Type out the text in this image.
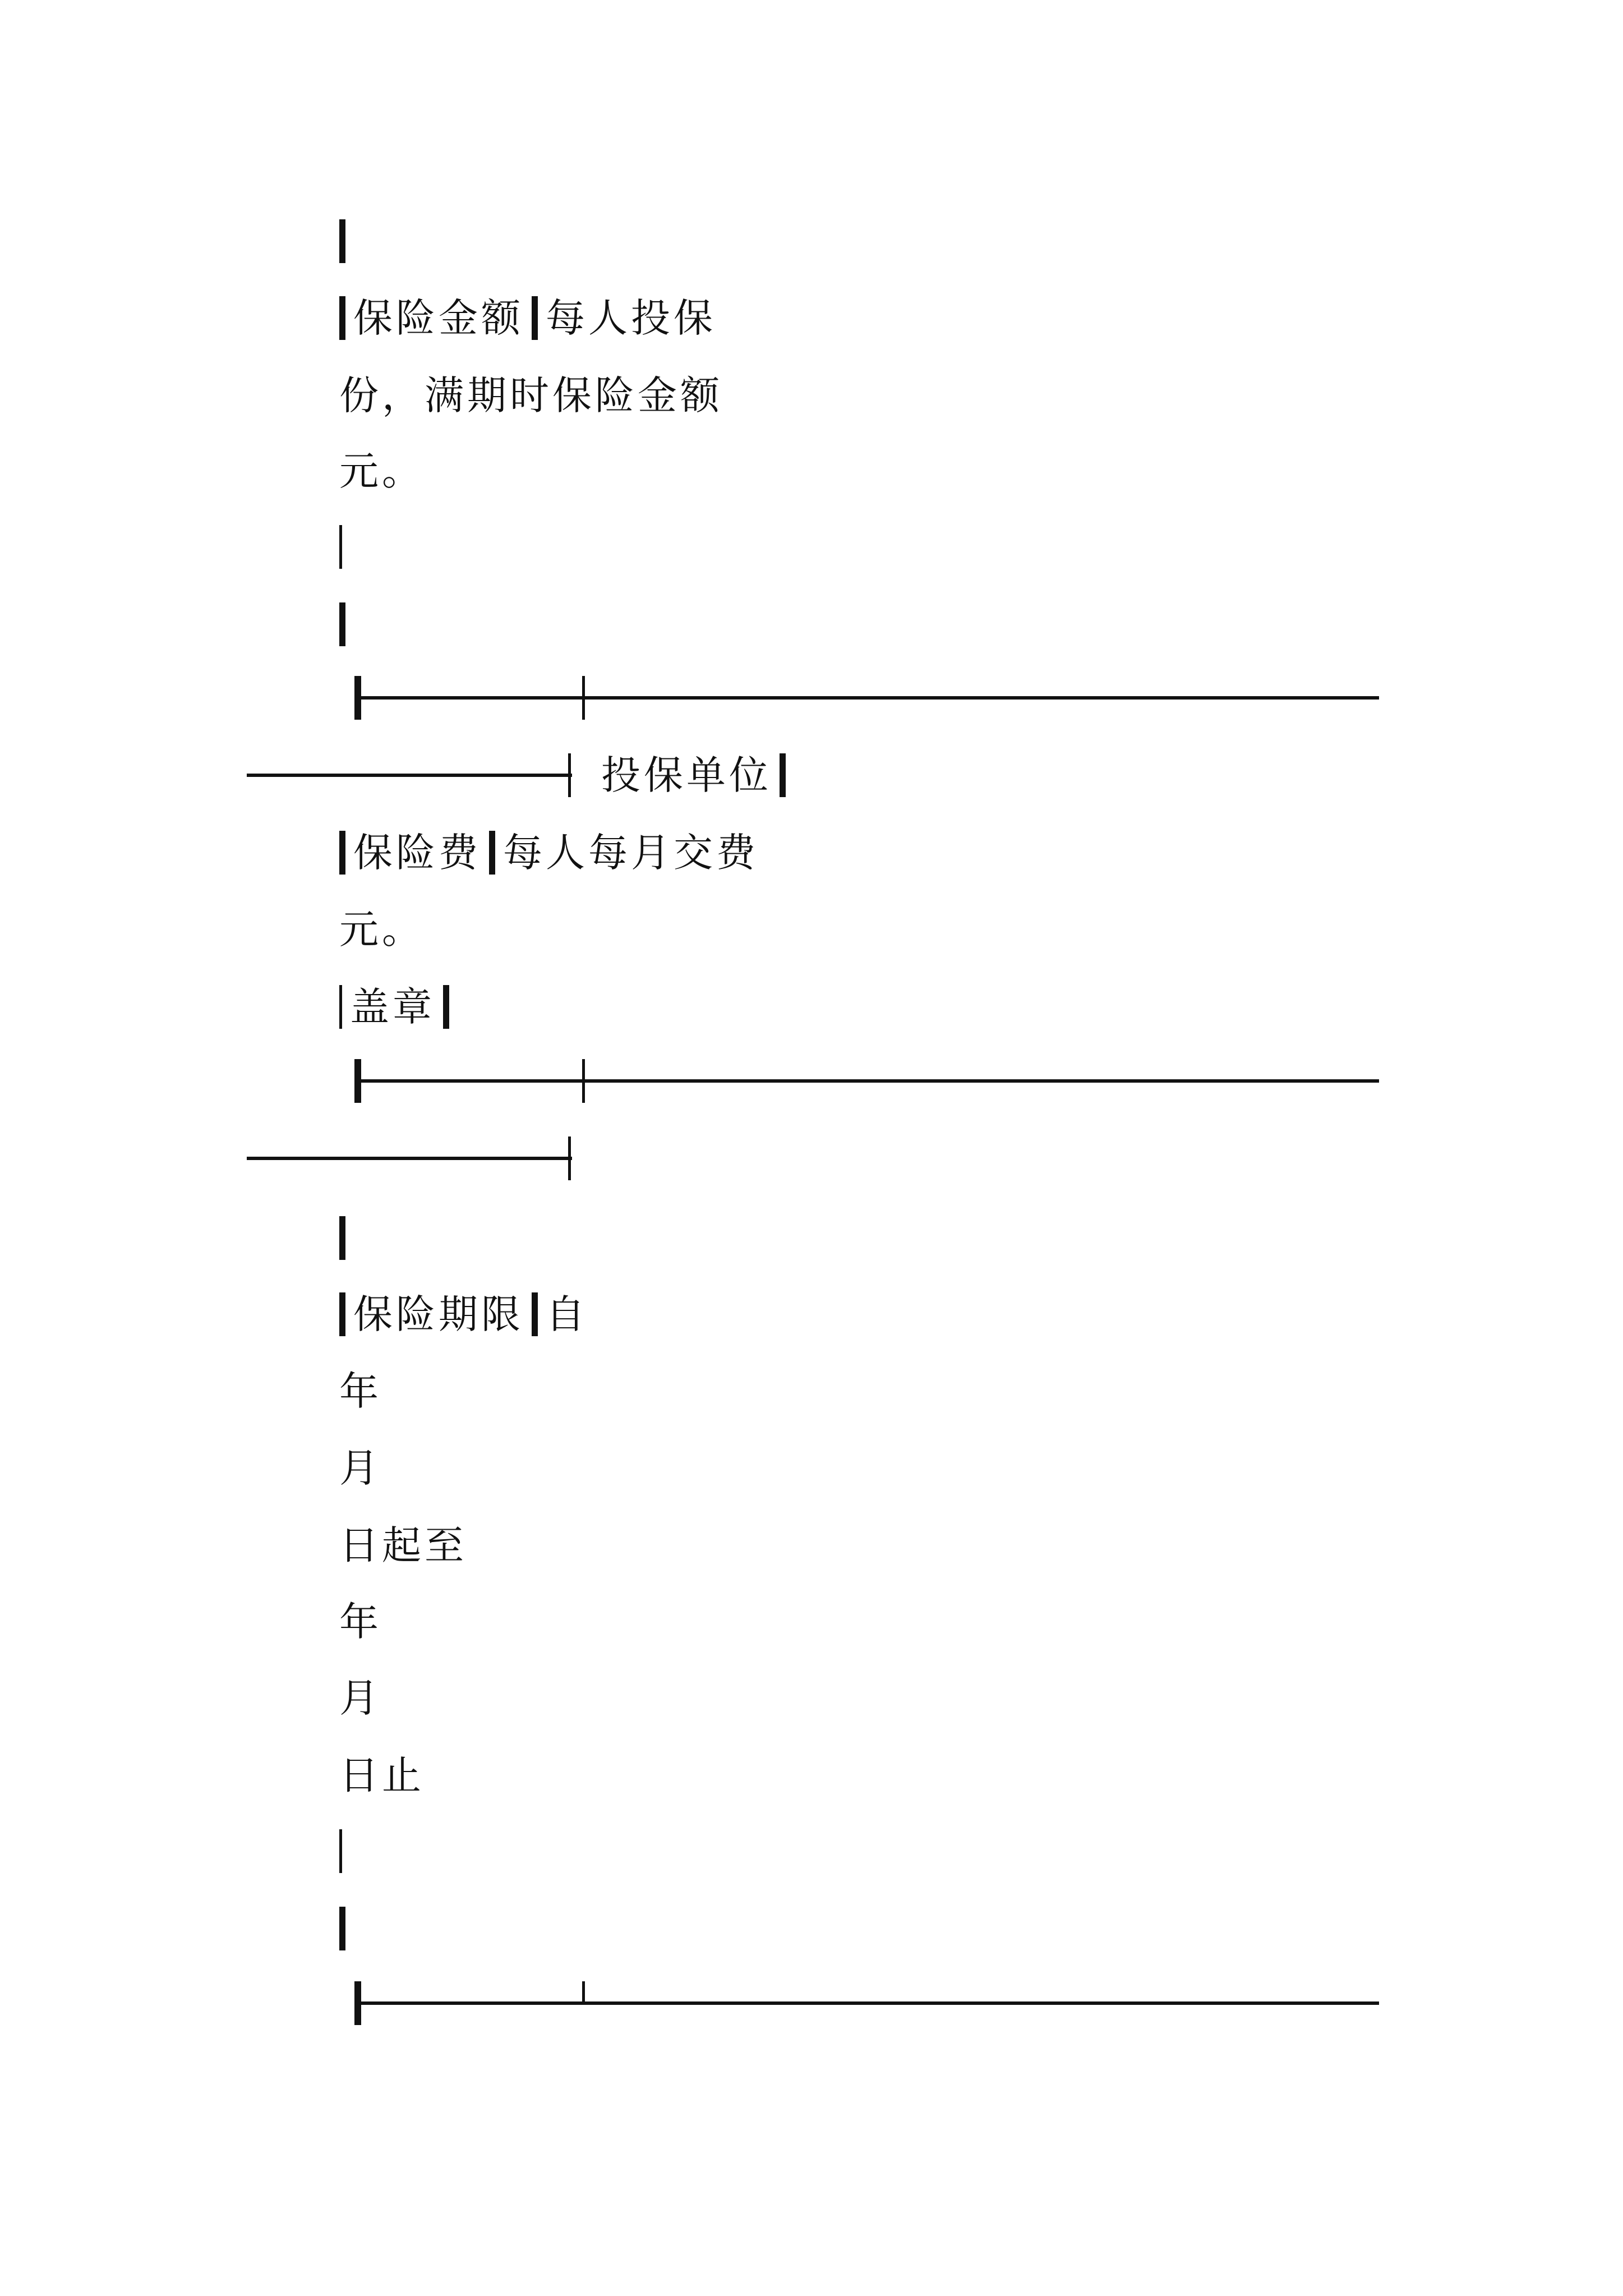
保险金额 每人投保
份，满期时保险金额
元。
投保单位
保险费 每人每月交费
元。
盖章
保险期限 自
年
月
日起至
年
月
日止
